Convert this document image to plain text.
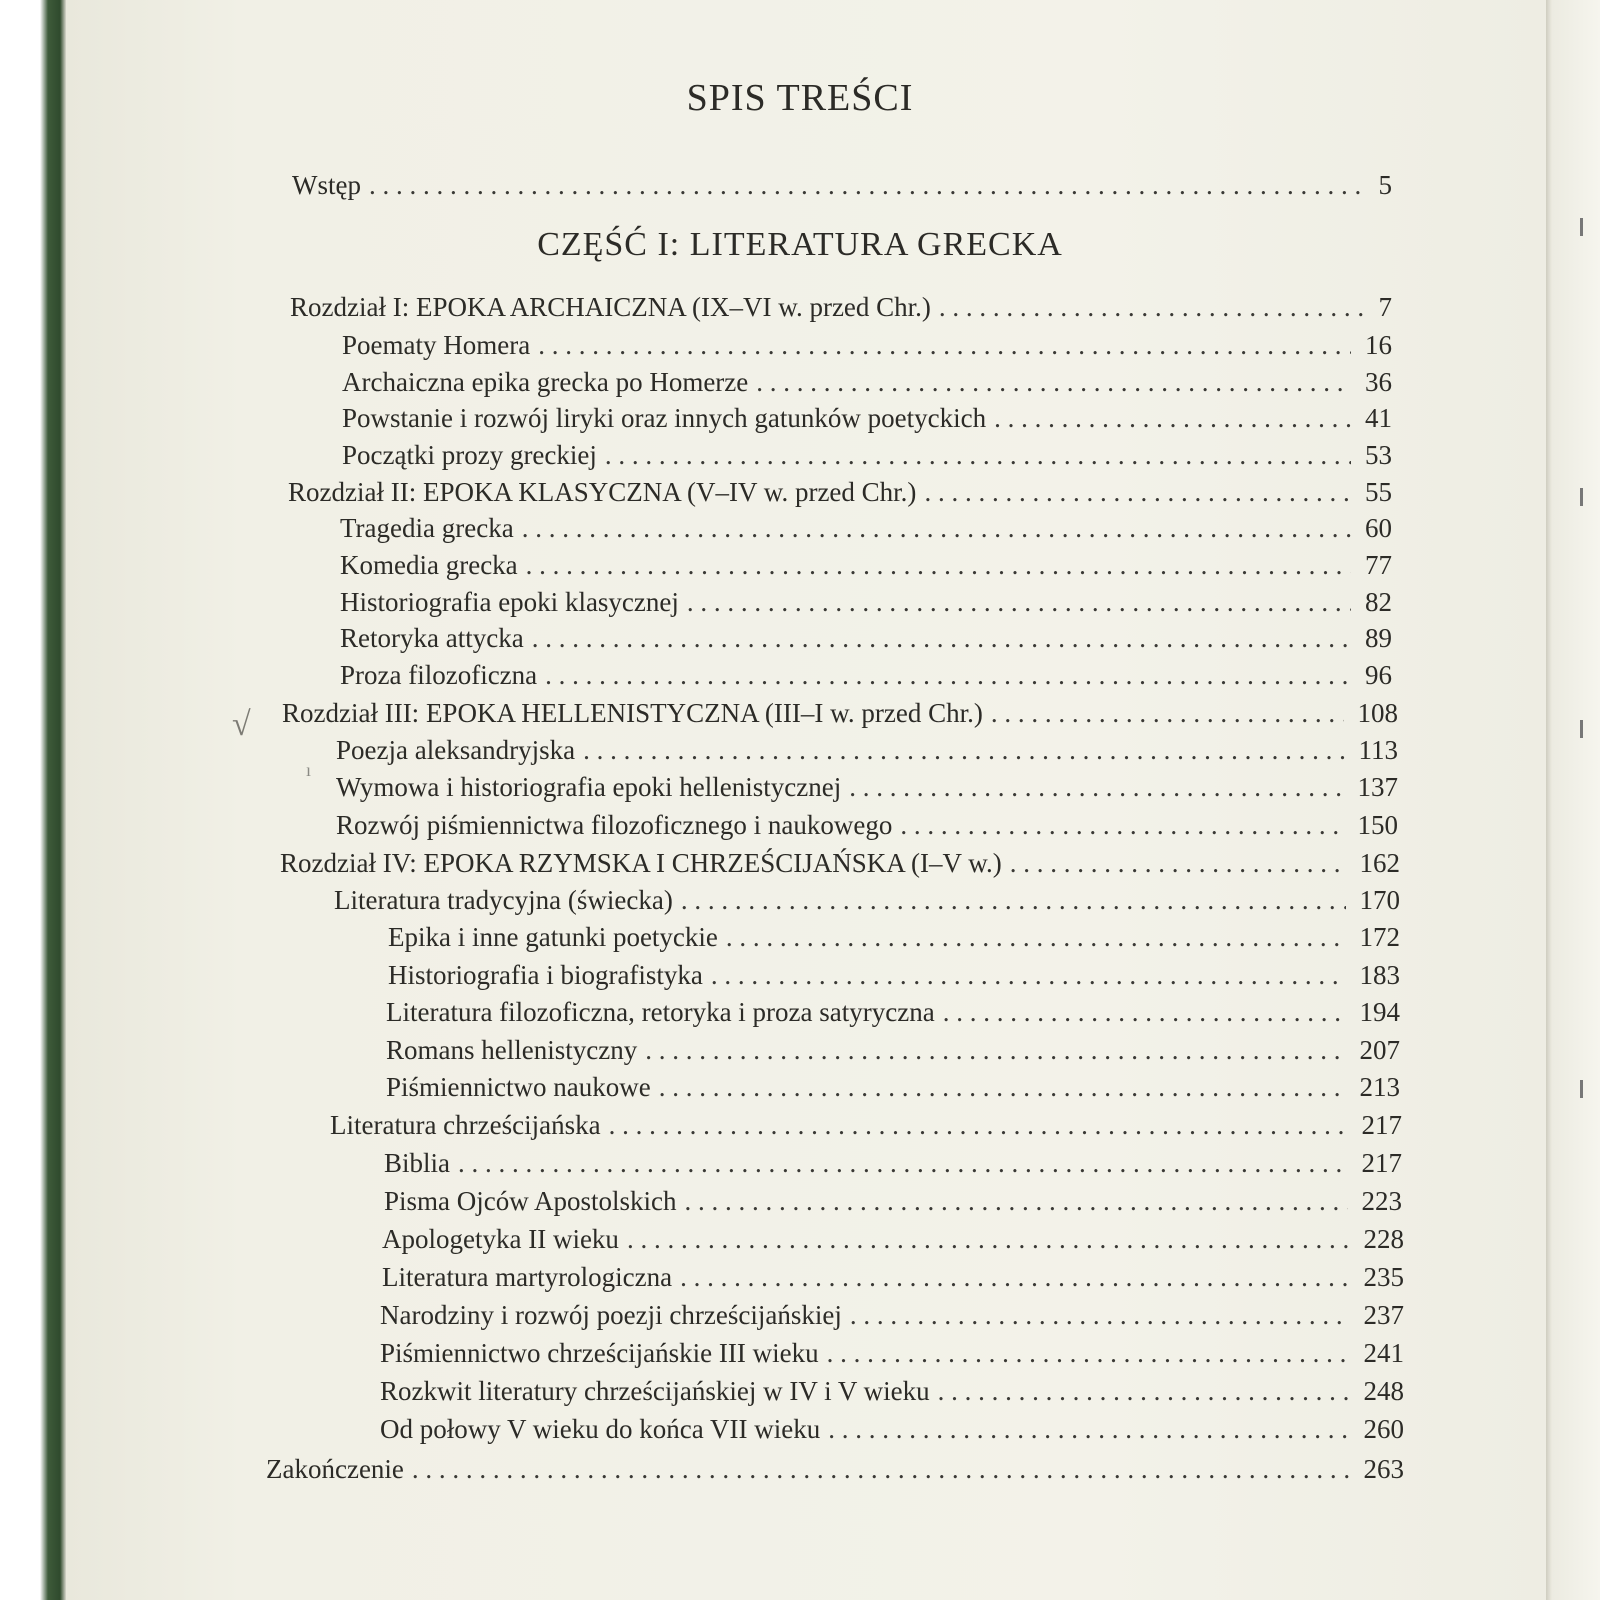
SPIS TREŚCI
CZĘŚĆ I: LITERATURA GRECKA
Wstęp . . .	5
Rozdział I: EPOKA ARCHAICZNA (IX–VI w. przed Chr.) . . .	7
Poematy Homera . . .	16
Archaiczna epika grecka po Homerze . . .	36
Powstanie i rozwój liryki oraz innych gatunków poetyckich . . .	41
Początki prozy greckiej . . .	53
Rozdział II: EPOKA KLASYCZNA (V–IV w. przed Chr.) . . .	55
Tragedia grecka . . .	60
Komedia grecka . . .	77
Historiografia epoki klasycznej . . .	82
Retoryka attycka . . .	89
Proza filozoficzna . . .	96
Rozdział III: EPOKA HELLENISTYCZNA (III–I w. przed Chr.) . . .	108
Poezja aleksandryjska . . .	113
Wymowa i historiografia epoki hellenistycznej . . .	137
Rozwój piśmiennictwa filozoficznego i naukowego . . .	150
Rozdział IV: EPOKA RZYMSKA I CHRZEŚCIJAŃSKA (I–V w.) . . .	162
Literatura tradycyjna (świecka) . . .	170
Epika i inne gatunki poetyckie . . .	172
Historiografia i biografistyka . . .	183
Literatura filozoficzna, retoryka i proza satyryczna . . .	194
Romans hellenistyczny . . .	207
Piśmiennictwo naukowe . . .	213
Literatura chrześcijańska . . .	217
Biblia . . .	217
Pisma Ojców Apostolskich . . .	223
Apologetyka II wieku . . .	228
Literatura martyrologiczna . . .	235
Narodziny i rozwój poezji chrześcijańskiej . . .	237
Piśmiennictwo chrześcijańskie III wieku . . .	241
Rozkwit literatury chrześcijańskiej w IV i V wieku . . .	248
Od połowy V wieku do końca VII wieku . . .	260
Zakończenie . . .	263
√
ı
